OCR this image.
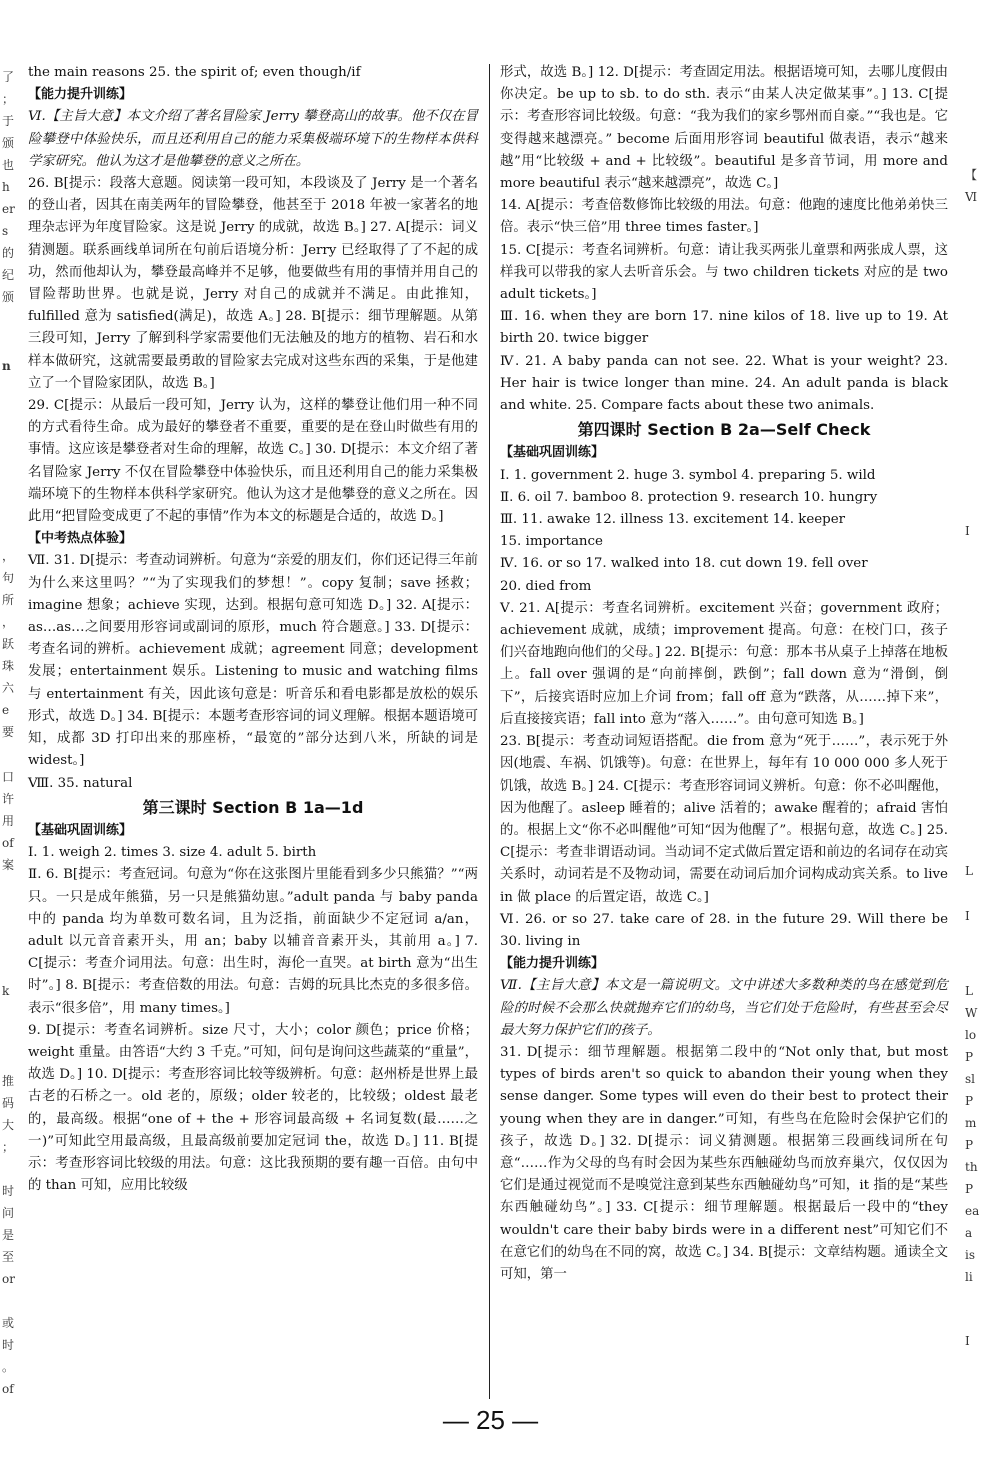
了
；
于
颁
也
h
er
s
的
纪
颁
n
，
句
所
，
跃
珠
六
e
要
口
许
用
of
案
k
推
码
大
；
时
问
是
至
or
或
时
。
of

the main reasons 25. the spirit of; even though/if

【能力提升训练】

Ⅵ.【主旨大意】本文介绍了著名冒险家 Jerry 攀登高山的故事。他不仅在冒险攀登中体验快乐，而且还利用自己的能力采集极端环境下的生物样本供科学家研究。他认为这才是他攀登的意义之所在。

26. B[提示：段落大意题。阅读第一段可知，本段谈及了 Jerry 是一个著名的登山者，因其在南美两年的冒险攀登，他甚至于 2018 年被一家著名的地理杂志评为年度冒险家。这是说 Jerry 的成就，故选 B。] 27. A[提示：词义猜测题。联系画线单词所在句前后语境分析：Jerry 已经取得了了不起的成功，然而他却认为，攀登最高峰并不足够，他要做些有用的事情并用自己的冒险帮助世界。也就是说，Jerry 对自己的成就并不满足。由此推知，fulfilled 意为 satisfied(满足)，故选 A。] 28. B[提示：细节理解题。从第三段可知，Jerry 了解到科学家需要他们无法触及的地方的植物、岩石和水样本做研究，这就需要最勇敢的冒险家去完成对这些东西的采集，于是他建立了一个冒险家团队，故选 B。]

29. C[提示：从最后一段可知，Jerry 认为，这样的攀登让他们用一种不同的方式看待生命。成为最好的攀登者不重要，重要的是在登山时做些有用的事情。这应该是攀登者对生命的理解，故选 C。] 30. D[提示：本文介绍了著名冒险家 Jerry 不仅在冒险攀登中体验快乐，而且还利用自己的能力采集极端环境下的生物样本供科学家研究。他认为这才是他攀登的意义之所在。因此用“把冒险变成更了不起的事情”作为本文的标题是合适的，故选 D。]

【中考热点体验】

Ⅶ. 31. D[提示：考查动词辨析。句意为“亲爱的朋友们，你们还记得三年前为什么来这里吗？”“为了实现我们的梦想！”。copy 复制；save 拯救；imagine 想象；achieve 实现，达到。根据句意可知选 D。] 32. A[提示：as…as…之间要用形容词或副词的原形，much 符合题意。] 33. D[提示：考查名词的辨析。achievement 成就；agreement 同意；development 发展；entertainment 娱乐。Listening to music and watching films 与 entertainment 有关，因此该句意是：听音乐和看电影都是放松的娱乐形式，故选 D。] 34. B[提示：本题考查形容词的词义理解。根据本题语境可知，成都 3D 打印出来的那座桥，“最宽的”部分达到八米，所缺的词是 widest。]

Ⅷ. 35. natural

第三课时 Section B 1a—1d

【基础巩固训练】

Ⅰ. 1. weigh 2. times 3. size 4. adult 5. birth

Ⅱ. 6. B[提示：考查冠词。句意为“你在这张图片里能看到多少只熊猫？”“两只。一只是成年熊猫，另一只是熊猫幼崽。”adult panda 与 baby panda 中的 panda 均为单数可数名词，且为泛指，前面缺少不定冠词 a/an，adult 以元音音素开头，用 an；baby 以辅音音素开头，其前用 a。] 7. C[提示：考查介词用法。句意：出生时，海伦一直哭。at birth 意为“出生时”。] 8. B[提示：考查倍数的用法。句意：吉姆的玩具比杰克的多很多倍。表示“很多倍”，用 many times。]

9. D[提示：考查名词辨析。size 尺寸，大小；color 颜色；price 价格；weight 重量。由答语“大约 3 千克。”可知，问句是询问这些蔬菜的“重量”，故选 D。] 10. D[提示：考查形容词比较等级辨析。句意：赵州桥是世界上最古老的石桥之一。old 老的，原级；older 较老的，比较级；oldest 最老的，最高级。根据“one of + the + 形容词最高级 + 名词复数(最……之一)”可知此空用最高级，且最高级前要加定冠词 the，故选 D。] 11. B[提示：考查形容词比较级的用法。句意：这比我预期的要有趣一百倍。由句中的 than 可知，应用比较级

形式，故选 B。] 12. D[提示：考查固定用法。根据语境可知，去哪儿度假由你决定。be up to sb. to do sth. 表示“由某人决定做某事”。] 13. C[提示：考查形容词比较级。句意：“我为我们的家乡鄂州而自豪。”“我也是。它变得越来越漂亮。” become 后面用形容词 beautiful 做表语，表示“越来越”用“比较级 + and + 比较级”。beautiful 是多音节词，用 more and more beautiful 表示“越来越漂亮”，故选 C。]

14. A[提示：考查倍数修饰比较级的用法。句意：他跑的速度比他弟弟快三倍。表示“快三倍”用 three times faster。]

15. C[提示：考查名词辨析。句意：请让我买两张儿童票和两张成人票，这样我可以带我的家人去听音乐会。与 two children tickets 对应的是 two adult tickets。]

Ⅲ. 16. when they are born 17. nine kilos of 18. live up to 19. At birth 20. twice bigger

Ⅳ. 21. A baby panda can not see. 22. What is your weight? 23. Her hair is twice longer than mine. 24. An adult panda is black and white. 25. Compare facts about these two animals.

第四课时 Section B 2a—Self Check

【基础巩固训练】

Ⅰ. 1. government 2. huge 3. symbol 4. preparing 5. wild

Ⅱ. 6. oil 7. bamboo 8. protection 9. research 10. hungry

Ⅲ. 11. awake 12. illness 13. excitement 14. keeper

15. importance

Ⅳ. 16. or so 17. walked into 18. cut down 19. fell over

20. died from

Ⅴ. 21. A[提示：考查名词辨析。excitement 兴奋；government 政府；achievement 成就，成绩；improvement 提高。句意：在校门口，孩子们兴奋地跑向他们的父母。] 22. B[提示：句意：那本书从桌子上掉落在地板上。fall over 强调的是“向前摔倒，跌倒”；fall down 意为“滑倒，倒下”，后接宾语时应加上介词 from；fall off 意为“跌落，从……掉下来”，后直接接宾语；fall into 意为“落入……”。由句意可知选 B。]

23. B[提示：考查动词短语搭配。die from 意为“死于……”，表示死于外因(地震、车祸、饥饿等)。句意：在世界上，每年有 10 000 000 多人死于饥饿，故选 B。] 24. C[提示：考查形容词词义辨析。句意：你不必叫醒他，因为他醒了。asleep 睡着的；alive 活着的；awake 醒着的；afraid 害怕的。根据上文“你不必叫醒他”可知“因为他醒了”。根据句意，故选 C。] 25. C[提示：考查非谓语动词。当动词不定式做后置定语和前边的名词存在动宾关系时，动词若是不及物动词，需要在动词后加介词构成动宾关系。to live in 做 place 的后置定语，故选 C。]

Ⅵ. 26. or so 27. take care of 28. in the future 29. Will there be 30. living in

【能力提升训练】

Ⅶ.【主旨大意】本文是一篇说明文。文中讲述大多数种类的鸟在感觉到危险的时候不会那么快就抛弃它们的幼鸟，当它们处于危险时，有些甚至会尽最大努力保护它们的孩子。

31. D[提示：细节理解题。根据第二段中的“Not only that, but most types of birds aren't so quick to abandon their young when they sense danger. Some types will even do their best to protect their young when they are in danger.”可知，有些鸟在危险时会保护它们的孩子，故选 D。] 32. D[提示：词义猜测题。根据第三段画线词所在句意“……作为父母的鸟有时会因为某些东西触碰幼鸟而放弃巢穴，仅仅因为它们是通过视觉而不是嗅觉注意到某些东西触碰幼鸟”可知，it 指的是“某些东西触碰幼鸟”。] 33. C[提示：细节理解题。根据最后一段中的“they wouldn't care their baby birds were in a different nest”可知它们不在意它们的幼鸟在不同的窝，故选 C。] 34. B[提示：文章结构题。通读全文可知，第一

【
Ⅵ
I
L
Ⅰ
L
W
lo
P
sl
P
m
P
th
P
ea
a
is
li
I
— 25 —
